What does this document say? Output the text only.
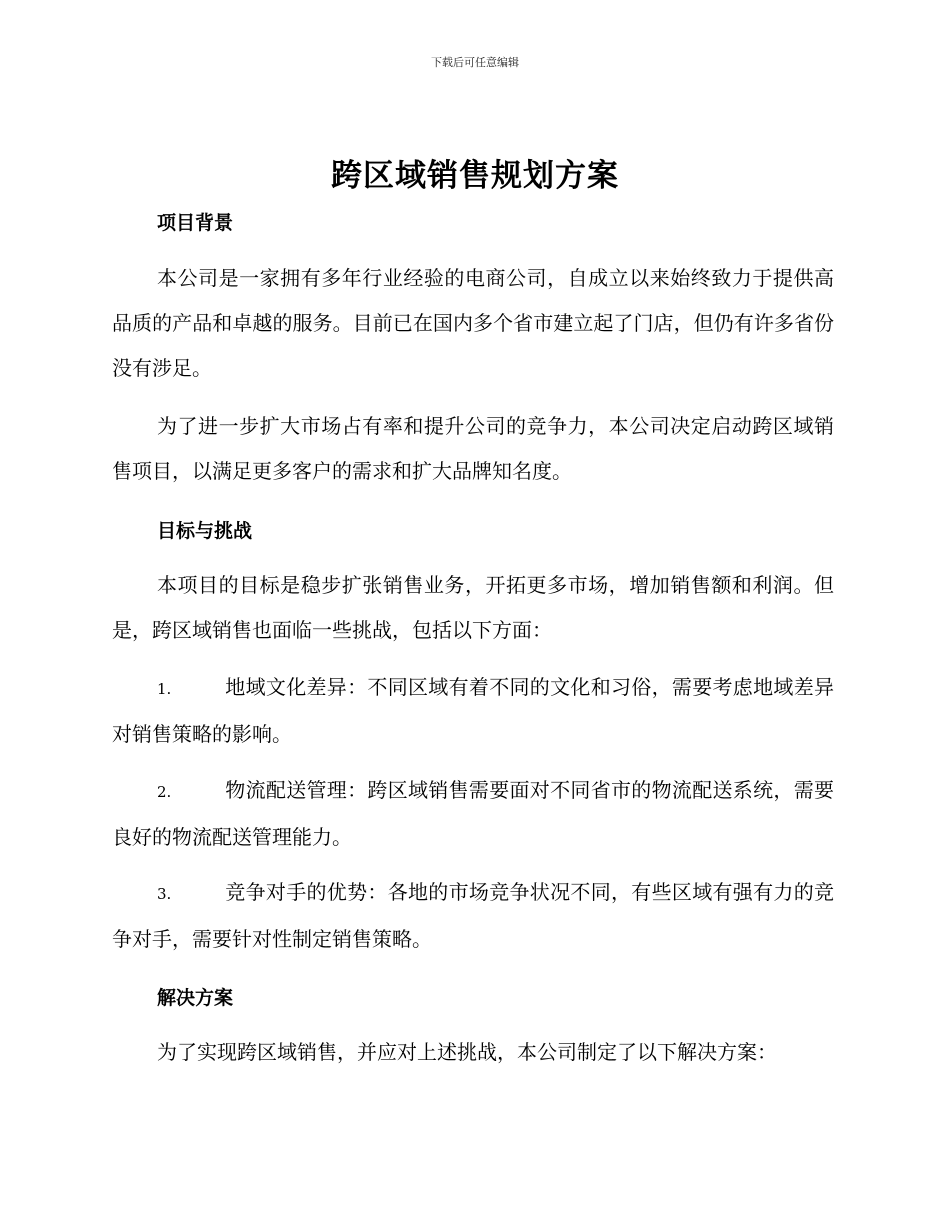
下载后可任意编辑
跨区域销售规划方案
项目背景

本公司是一家拥有多年行业经验的电商公司，自成立以来始终致力于提供高品质的产品和卓越的服务。目前已在国内多个省市建立起了门店，但仍有许多省份没有涉足。

为了进一步扩大市场占有率和提升公司的竞争力，本公司决定启动跨区域销售项目，以满足更多客户的需求和扩大品牌知名度。

目标与挑战

本项目的目标是稳步扩张销售业务，开拓更多市场，增加销售额和利润。但是，跨区域销售也面临一些挑战，包括以下方面：

1.	地域文化差异：不同区域有着不同的文化和习俗，需要考虑地域差异对销售策略的影响。

2.	物流配送管理：跨区域销售需要面对不同省市的物流配送系统，需要良好的物流配送管理能力。

3.	竞争对手的优势：各地的市场竞争状况不同，有些区域有强有力的竞争对手，需要针对性制定销售策略。

解决方案

为了实现跨区域销售，并应对上述挑战，本公司制定了以下解决方案：
